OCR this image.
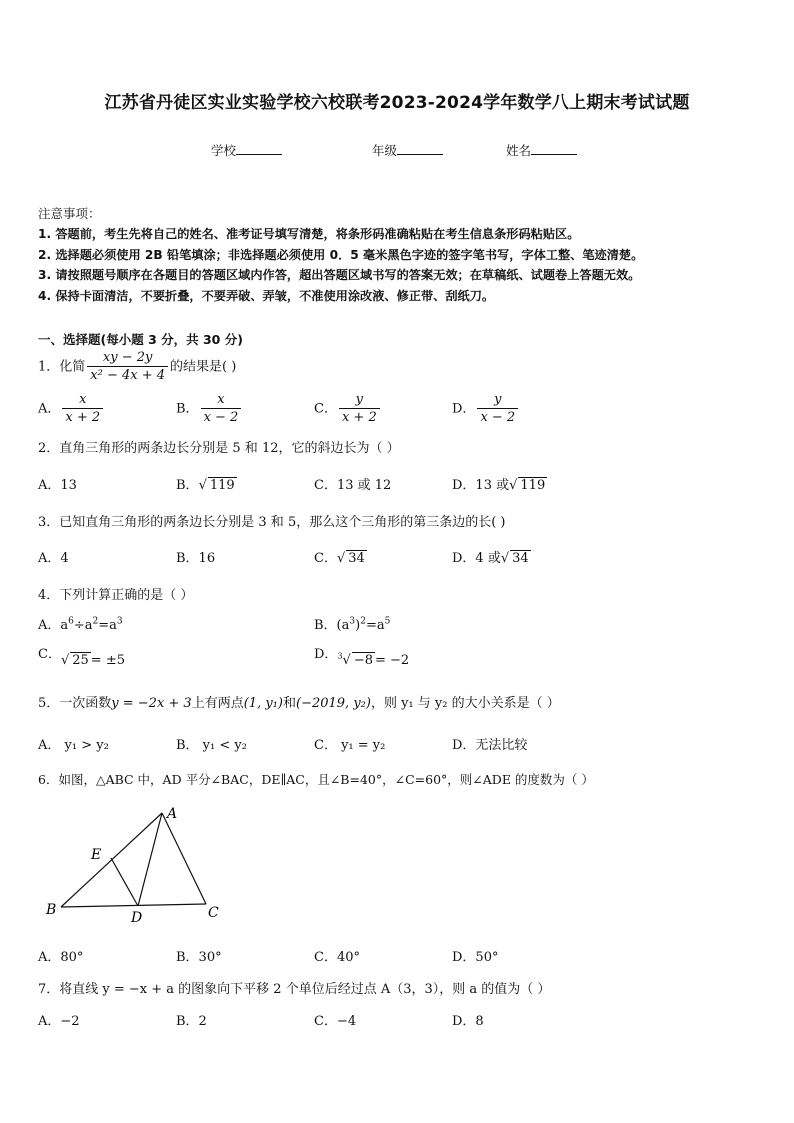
江苏省丹徒区实业实验学校六校联考2023-2024学年数学八上期末考试试题
学校	年级	姓名
注意事项：
1. 答题前，考生先将自己的姓名、准考证号填写清楚，将条形码准确粘贴在考生信息条形码粘贴区。
2. 选择题必须使用 2B 铅笔填涂；非选择题必须使用 0．5 毫米黑色字迹的签字笔书写，字体工整、笔迹清楚。
3. 请按照题号顺序在各题目的答题区域内作答，超出答题区域书写的答案无效；在草稿纸、试题卷上答题无效。
4. 保持卡面清洁，不要折叠，不要弄破、弄皱，不准使用涂改液、修正带、刮纸刀。
一、选择题(每小题 3 分，共 30 分)
1．化简 $\frac{xy - 2y}{\text{x² − 4x + 4}}$ 的结果是( )
A． $\frac{x}{x + 2}$	B． $\frac{x}{x - 2}$	C． $\frac{y}{x + 2}$	D． $\frac{y}{x - 2}$
2．直角三角形的两条边长分别是 5 和 12，它的斜边长为（ ）
A．13	B．√ 119	C．13 或 12	D．13 或√ 119
3．已知直角三角形的两条边长分别是 3 和 5，那么这个三角形的第三条边的长( )
A．4	B．16	C．√ 34	D．4 或√ 34
4．下列计算正确的是（ ）
A．$a^6\div a^2=a^3$	B．$(a^3)^2=a^5$
C．√ 25 = ±5	D．$^3$√ −8 = −2
5．一次函数y = −2x + 3上有两点(1, y₁)和(−2019, y₂)，则 y₁ 与 y₂ 的大小关系是（ ）
A． y₁ > y₂	B． y₁ < y₂	C． y₁ = y₂	D．无法比较
6．如图，△ABC 中，AD 平分∠BAC，DE∥AC，且∠B=40°，∠C=60°，则∠ADE 的度数为（ ）
A
E
B	D	C
A．80°	B．30°	C．40°	D．50°
7．将直线 y = −x + a 的图象向下平移 2 个单位后经过点 A（3，3），则 a 的值为（ ）
A．−2	B．2	C．−4	D．8
